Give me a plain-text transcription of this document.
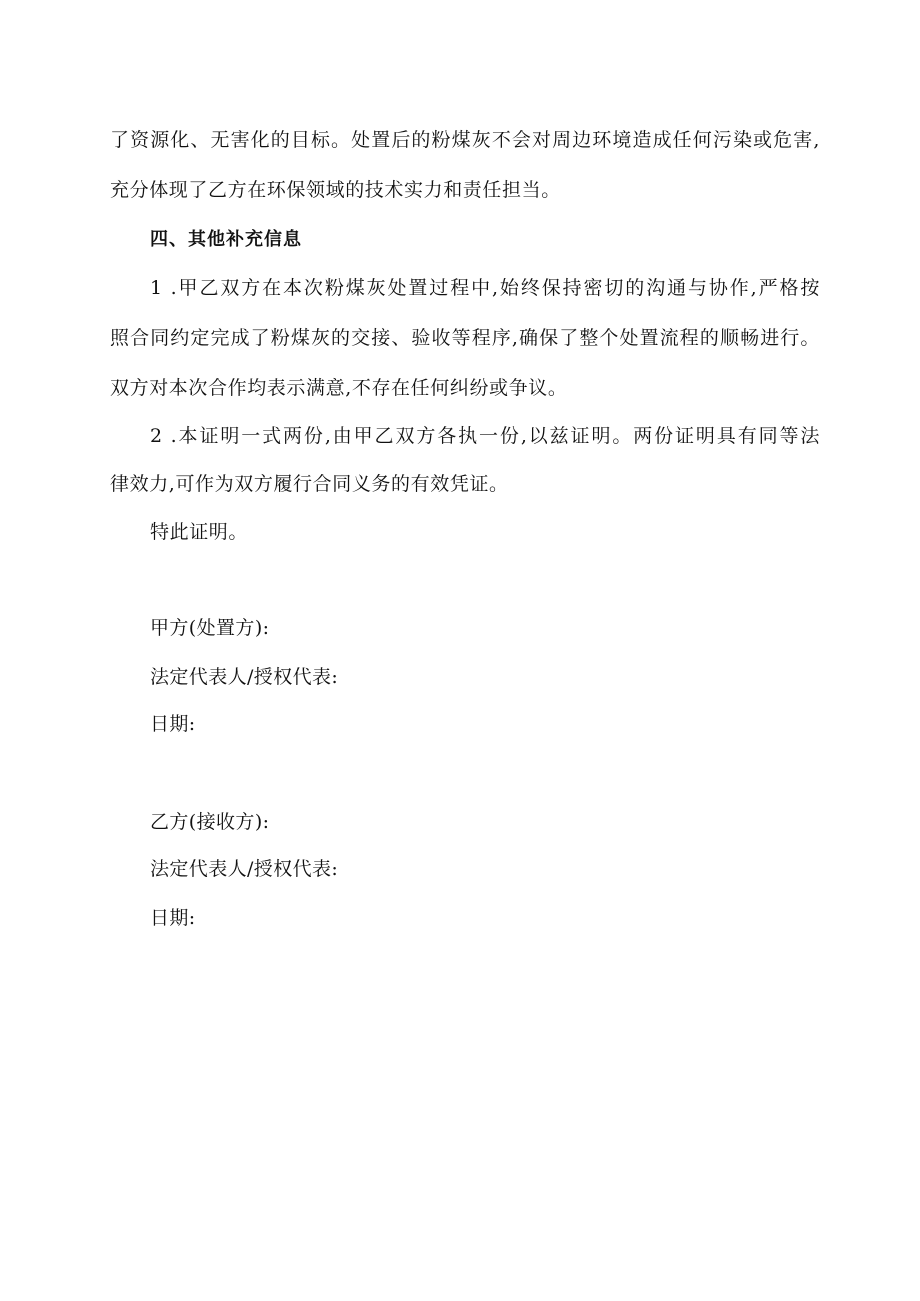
了资源化、无害化的目标。处置后的粉煤灰不会对周边环境造成任何污染或危害,
充分体现了乙方在环保领域的技术实力和责任担当。
四、其他补充信息
1 .甲乙双方在本次粉煤灰处置过程中,始终保持密切的沟通与协作,严格按
照合同约定完成了粉煤灰的交接、验收等程序,确保了整个处置流程的顺畅进行。
双方对本次合作均表示满意,不存在任何纠纷或争议。
2 .本证明一式两份,由甲乙双方各执一份,以兹证明。两份证明具有同等法
律效力,可作为双方履行合同义务的有效凭证。
特此证明。
甲方(处置方):
法定代表人/授权代表:
日期:
乙方(接收方):
法定代表人/授权代表:
日期:
